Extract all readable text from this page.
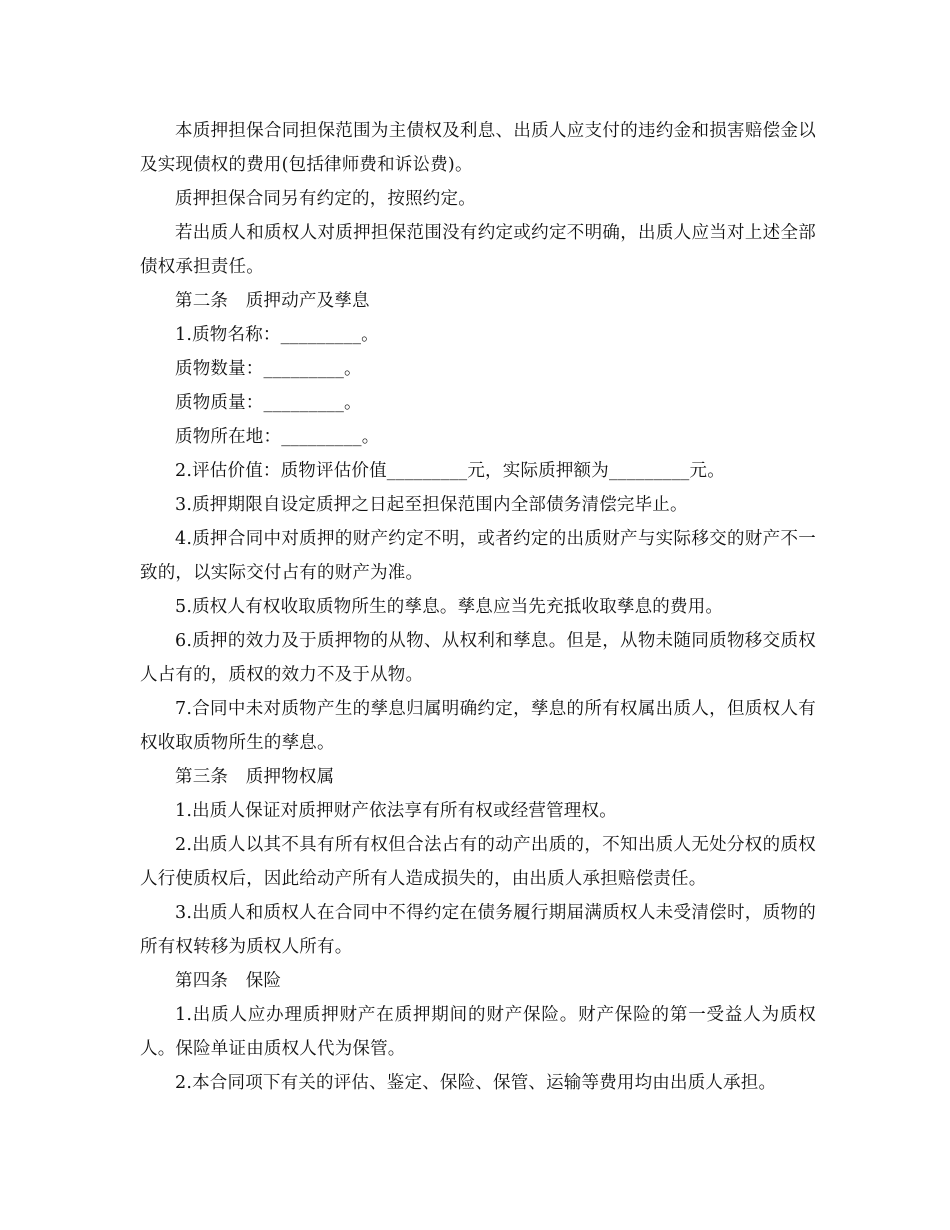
本质押担保合同担保范围为主债权及利息、出质人应支付的违约金和损害赔偿金以及实现债权的费用(包括律师费和诉讼费)。

质押担保合同另有约定的，按照约定。

若出质人和质权人对质押担保范围没有约定或约定不明确，出质人应当对上述全部债权承担责任。

第二条　质押动产及孳息

1.质物名称：_________。

质物数量：_________。

质物质量：_________。

质物所在地：_________。

2.评估价值：质物评估价值_________元，实际质押额为_________元。

3.质押期限自设定质押之日起至担保范围内全部债务清偿完毕止。

4.质押合同中对质押的财产约定不明，或者约定的出质财产与实际移交的财产不一致的，以实际交付占有的财产为准。

5.质权人有权收取质物所生的孳息。孳息应当先充抵收取孳息的费用。

6.质押的效力及于质押物的从物、从权利和孳息。但是，从物未随同质物移交质权人占有的，质权的效力不及于从物。

7.合同中未对质物产生的孳息归属明确约定，孳息的所有权属出质人，但质权人有权收取质物所生的孳息。

第三条　质押物权属

1.出质人保证对质押财产依法享有所有权或经营管理权。

2.出质人以其不具有所有权但合法占有的动产出质的，不知出质人无处分权的质权人行使质权后，因此给动产所有人造成损失的，由出质人承担赔偿责任。

3.出质人和质权人在合同中不得约定在债务履行期届满质权人未受清偿时，质物的所有权转移为质权人所有。

第四条　保险

1.出质人应办理质押财产在质押期间的财产保险。财产保险的第一受益人为质权人。保险单证由质权人代为保管。

2.本合同项下有关的评估、鉴定、保险、保管、运输等费用均由出质人承担。
